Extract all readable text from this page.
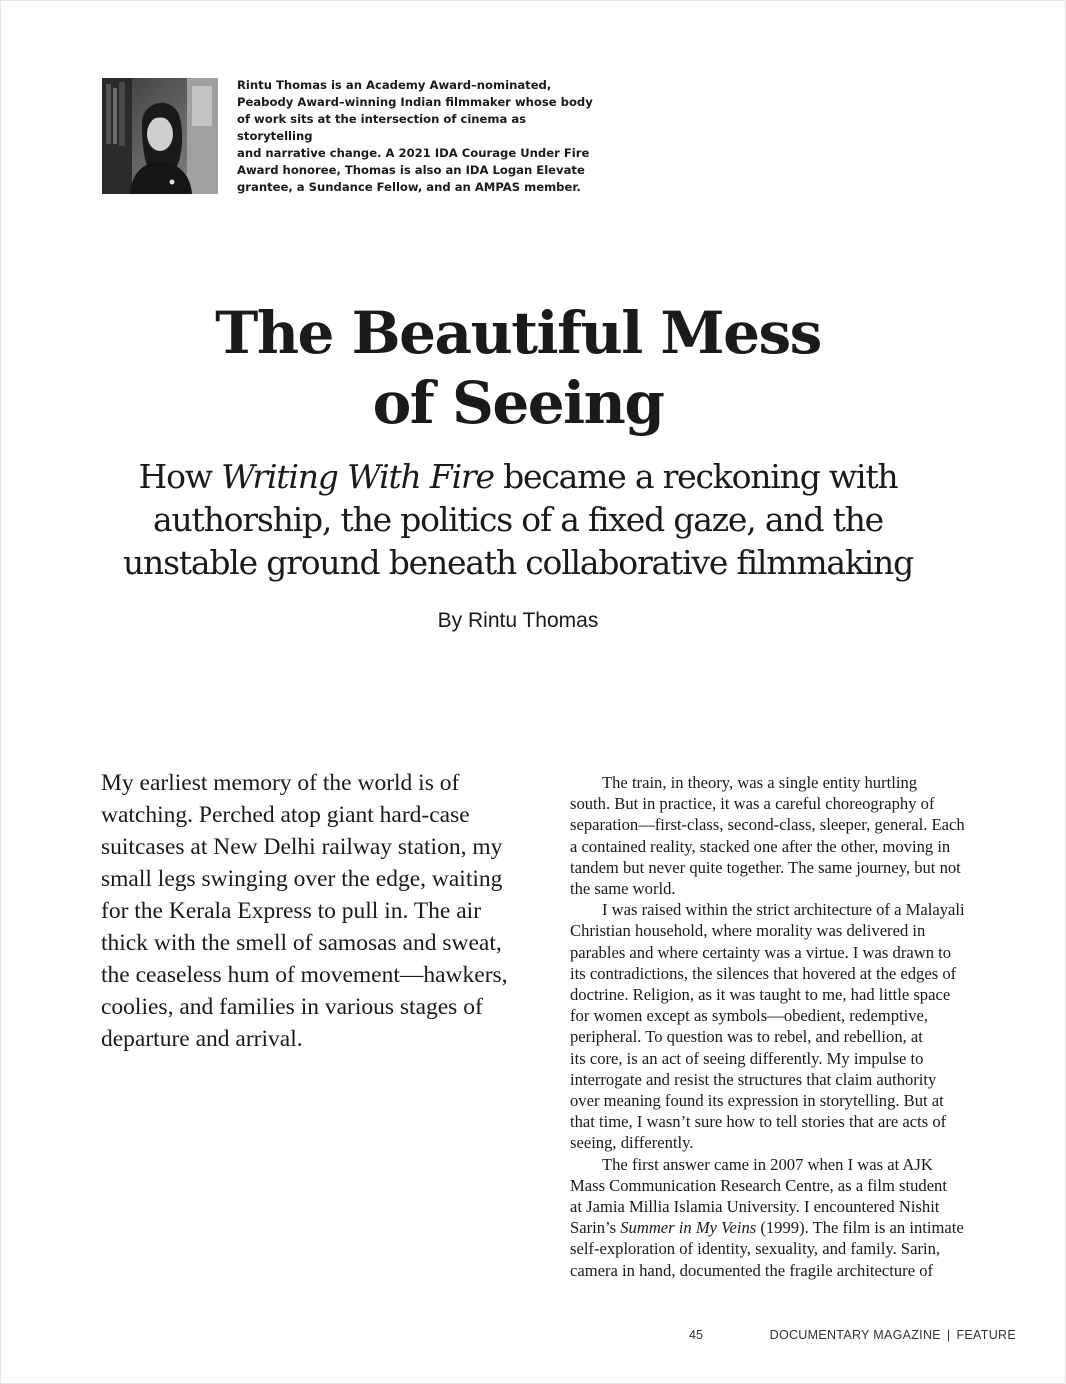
Rintu Thomas is an Academy Award–nominated,

Peabody Award–winning Indian filmmaker whose body

of work sits at the intersection of cinema as storytelling

and narrative change. A 2021 IDA Courage Under Fire

Award honoree, Thomas is also an IDA Logan Elevate

grantee, a Sundance Fellow, and an AMPAS member.

The Beautiful Mess
of Seeing
How Writing With Fire became a reckoning with
authorship, the politics of a fixed gaze, and the
unstable ground beneath collaborative filmmaking
By Rintu Thomas
My earliest memory of the world is of
watching. Perched atop giant hard-case
suitcases at New Delhi railway station, my
small legs swinging over the edge, waiting
for the Kerala Express to pull in. The air
thick with the smell of samosas and sweat,
the ceaseless hum of movement—hawkers,
coolies, and families in various stages of
departure and arrival.
The train, in theory, was a single entity hurtling
south. But in practice, it was a careful choreography of
separation—first-class, second-class, sleeper, general. Each
a contained reality, stacked one after the other, moving in
tandem but never quite together. The same journey, but not
the same world.
I was raised within the strict architecture of a Malayali
Christian household, where morality was delivered in
parables and where certainty was a virtue. I was drawn to
its contradictions, the silences that hovered at the edges of
doctrine. Religion, as it was taught to me, had little space
for women except as symbols—obedient, redemptive,
peripheral. To question was to rebel, and rebellion, at
its core, is an act of seeing differently. My impulse to
interrogate and resist the structures that claim authority
over meaning found its expression in storytelling. But at
that time, I wasn’t sure how to tell stories that are acts of
seeing, differently.
The first answer came in 2007 when I was at AJK
Mass Communication Research Centre, as a film student
at Jamia Millia Islamia University. I encountered Nishit
Sarin’s Summer in My Veins (1999). The film is an intimate
self-exploration of identity, sexuality, and family. Sarin,
camera in hand, documented the fragile architecture of
45	DOCUMENTARY MAGAZINE | FEATURE
